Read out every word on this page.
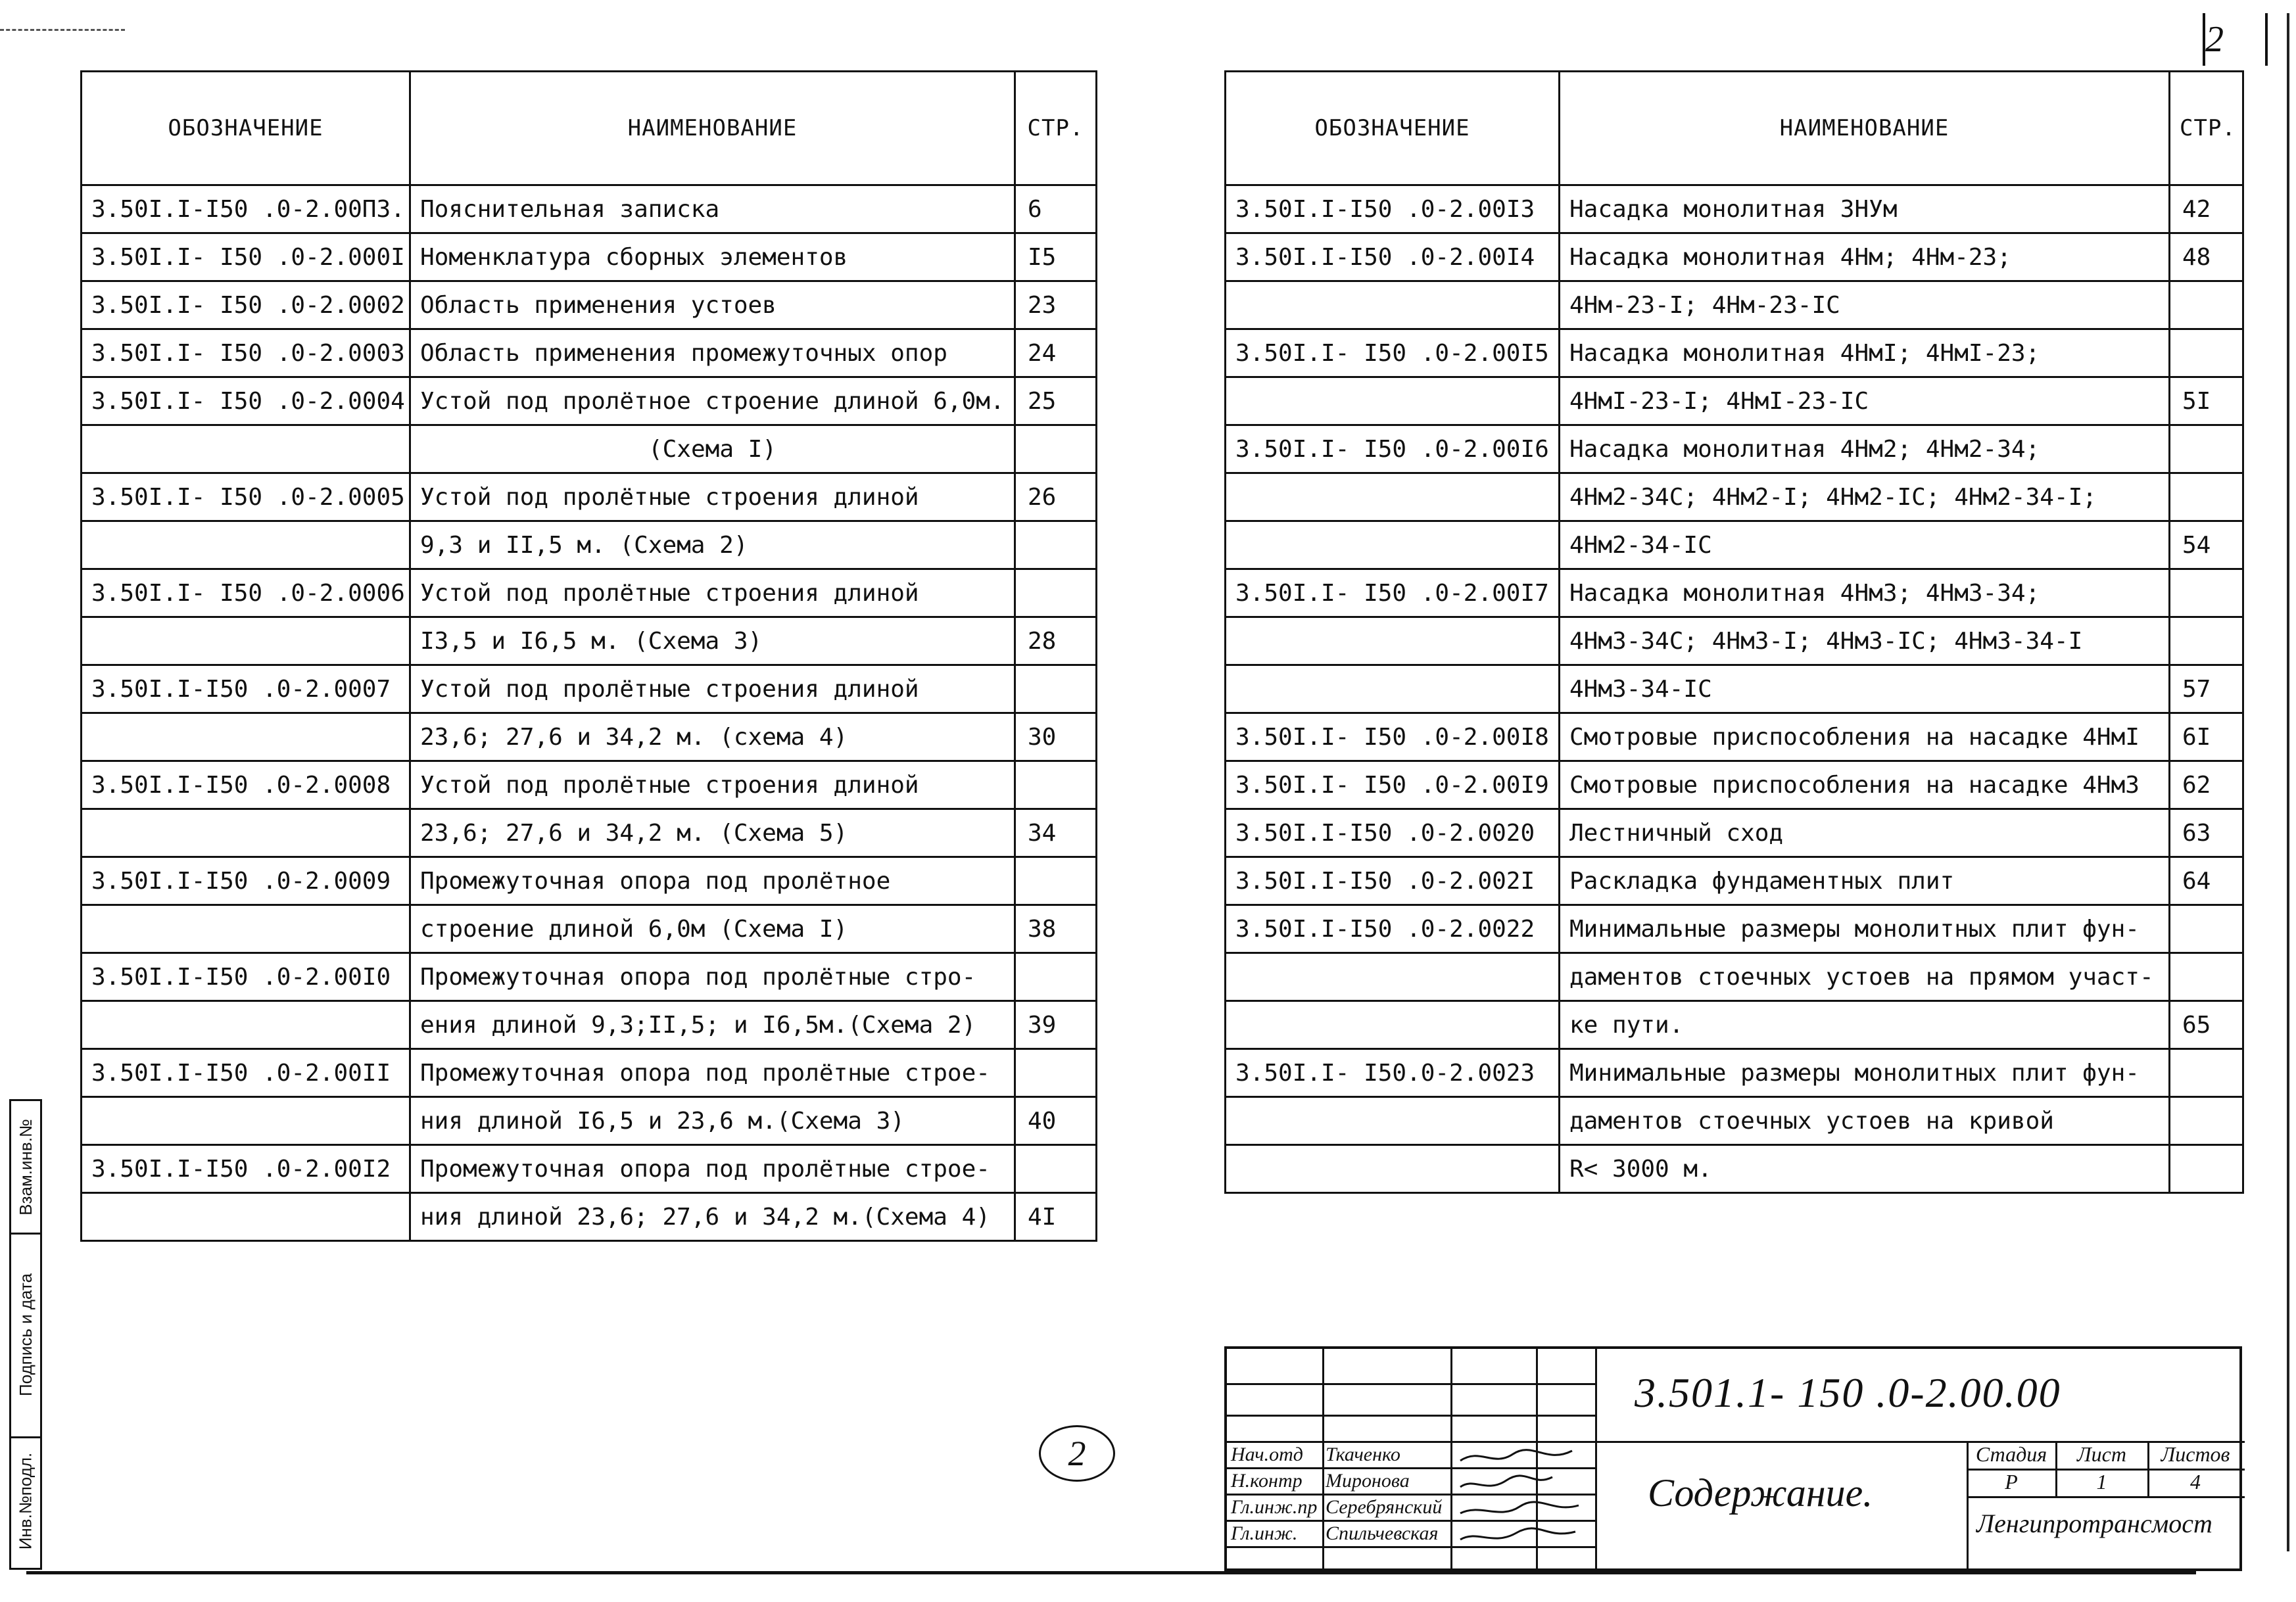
2
ОБОЗНАЧЕНИЕ	НАИМЕНОВАНИЕ	СТР.
3.50I.I-I50 .0-2.00ПЗ.	Пояснительная записка	6
3.50I.I- I50 .0-2.000I	Номенклатура сборных элементов	I5
3.50I.I- I50 .0-2.0002	Область применения устоев	23
3.50I.I- I50 .0-2.0003	Область применения промежуточных опор	24
3.50I.I- I50 .0-2.0004	Устой под пролётное строение длиной 6,0м.	25
	(Схема I)	
3.50I.I- I50 .0-2.0005	Устой под пролётные строения длиной	26
	9,3 и II,5 м. (Схема 2)	
3.50I.I- I50 .0-2.0006	Устой под пролётные строения длиной	
	I3,5 и I6,5 м. (Схема 3)	28
3.50I.I-I50 .0-2.0007	Устой под пролётные строения длиной	
	23,6; 27,6 и 34,2 м. (схема 4)	30
3.50I.I-I50 .0-2.0008	Устой под пролётные строения длиной	
	23,6; 27,6 и 34,2 м. (Схема 5)	34
3.50I.I-I50 .0-2.0009	Промежуточная опора под пролётное	
	строение длиной 6,0м (Схема I)	38
3.50I.I-I50 .0-2.00I0	Промежуточная опора под пролётные стро-	
	ения длиной 9,3;II,5; и I6,5м.(Схема 2)	39
3.50I.I-I50 .0-2.00II	Промежуточная опора под пролётные строе-	
	ния длиной I6,5 и 23,6 м.(Схема 3)	40
3.50I.I-I50 .0-2.00I2	Промежуточная опора под пролётные строе-	
	ния длиной 23,6; 27,6 и 34,2 м.(Схема 4)	4I
ОБОЗНАЧЕНИЕ	НАИМЕНОВАНИЕ	СТР.
3.50I.I-I50 .0-2.00I3	Насадка монолитная ЗНУм	42
3.50I.I-I50 .0-2.00I4	Насадка монолитная 4Нм; 4Нм-23;	48
	4Нм-23-I; 4Нм-23-IС	
3.50I.I- I50 .0-2.00I5	Насадка монолитная 4НмI; 4НмI-23;	
	4НмI-23-I; 4НмI-23-IС	5I
3.50I.I- I50 .0-2.00I6	Насадка монолитная 4Нм2; 4Нм2-34;	
	4Нм2-34С; 4Нм2-I; 4Нм2-IС; 4Нм2-34-I;	
	4Нм2-34-IС	54
3.50I.I- I50 .0-2.00I7	Насадка монолитная 4Нм3; 4Нм3-34;	
	4Нм3-34С; 4Нм3-I; 4Нм3-IС; 4Нм3-34-I	
	4Нм3-34-IС	57
3.50I.I- I50 .0-2.00I8	Смотровые приспособления на насадке 4НмI	6I
3.50I.I- I50 .0-2.00I9	Смотровые приспособления на насадке 4Нм3	62
3.50I.I-I50 .0-2.0020	Лестничный сход	63
3.50I.I-I50 .0-2.002I	Раскладка фундаментных плит	64
3.50I.I-I50 .0-2.0022	Минимальные размеры монолитных плит фун-	
	даментов стоечных устоев на прямом участ-	
	ке пути.	65
3.50I.I- I50.0-2.0023	Минимальные размеры монолитных плит фун-	
	даментов стоечных устоев на кривой	
	R< 3000 м.	
2
Взам.инв.№
Подпись и дата
Инв.№подл.
3.501.1- 150 .0-2.00.00
Содержание.
Стадия	Лист	Листов
Р	1	4
Ленгипротрансмост
Нач.отд Ткаченко
Н.контр Миронова
Гл.инж.пр Серебрянский
Гл.инж. Спильчевская
